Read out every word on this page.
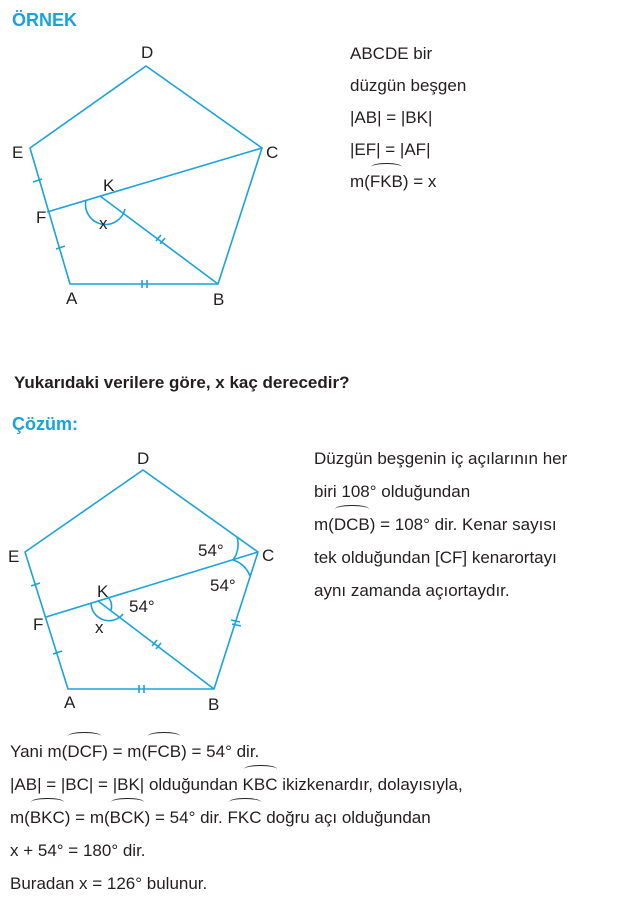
ÖRNEK
D
C
E
K
F	x
A	B
ABCDE bir
düzgün beşgen
|AB| = |BK|
|EF| = |AF|
m(FKB) = x
Yukarıdaki verilere göre, x kaç derecedir?
Çözüm:
D
C
E
K
F	x
A	B
54°
54°
54°
Düzgün beşgenin iç açılarının her
biri 108° olduğundan
m(DCB) = 108° dir. Kenar sayısı
tek olduğundan [CF] kenarortayı
aynı zamanda açıortaydır.
Yani m(DCF) = m(FCB) = 54° dir.
|AB| = |BC| = |BK| olduğundan KBC ikizkenardır, dolayısıyla,
m(BKC) = m(BCK) = 54° dir. FKC doğru açı olduğundan
x + 54° = 180° dir.
Buradan x = 126° bulunur.
